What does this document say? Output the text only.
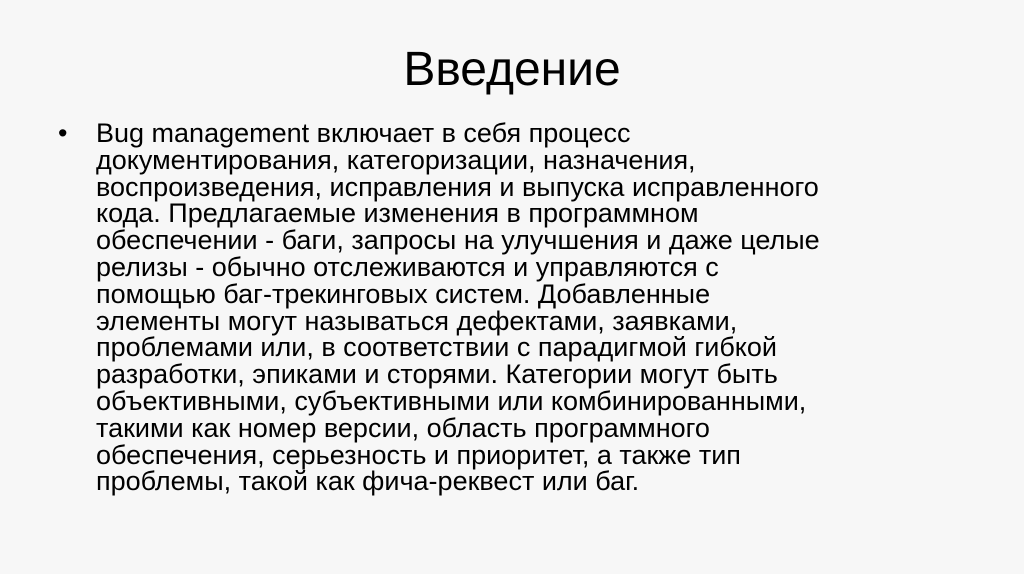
Введение
•	Bug management включает в себя процесс
документирования, категоризации, назначения,
воспроизведения, исправления и выпуска исправленного
кода. Предлагаемые изменения в программном
обеспечении - баги, запросы на улучшения и даже целые
релизы - обычно отслеживаются и управляются с
помощью баг-трекинговых систем. Добавленные
элементы могут называться дефектами, заявками,
проблемами или, в соответствии с парадигмой гибкой
разработки, эпиками и сторями. Категории могут быть
объективными, субъективными или комбинированными,
такими как номер версии, область программного
обеспечения, серьезность и приоритет, а также тип
проблемы, такой как фича-реквест или баг.
